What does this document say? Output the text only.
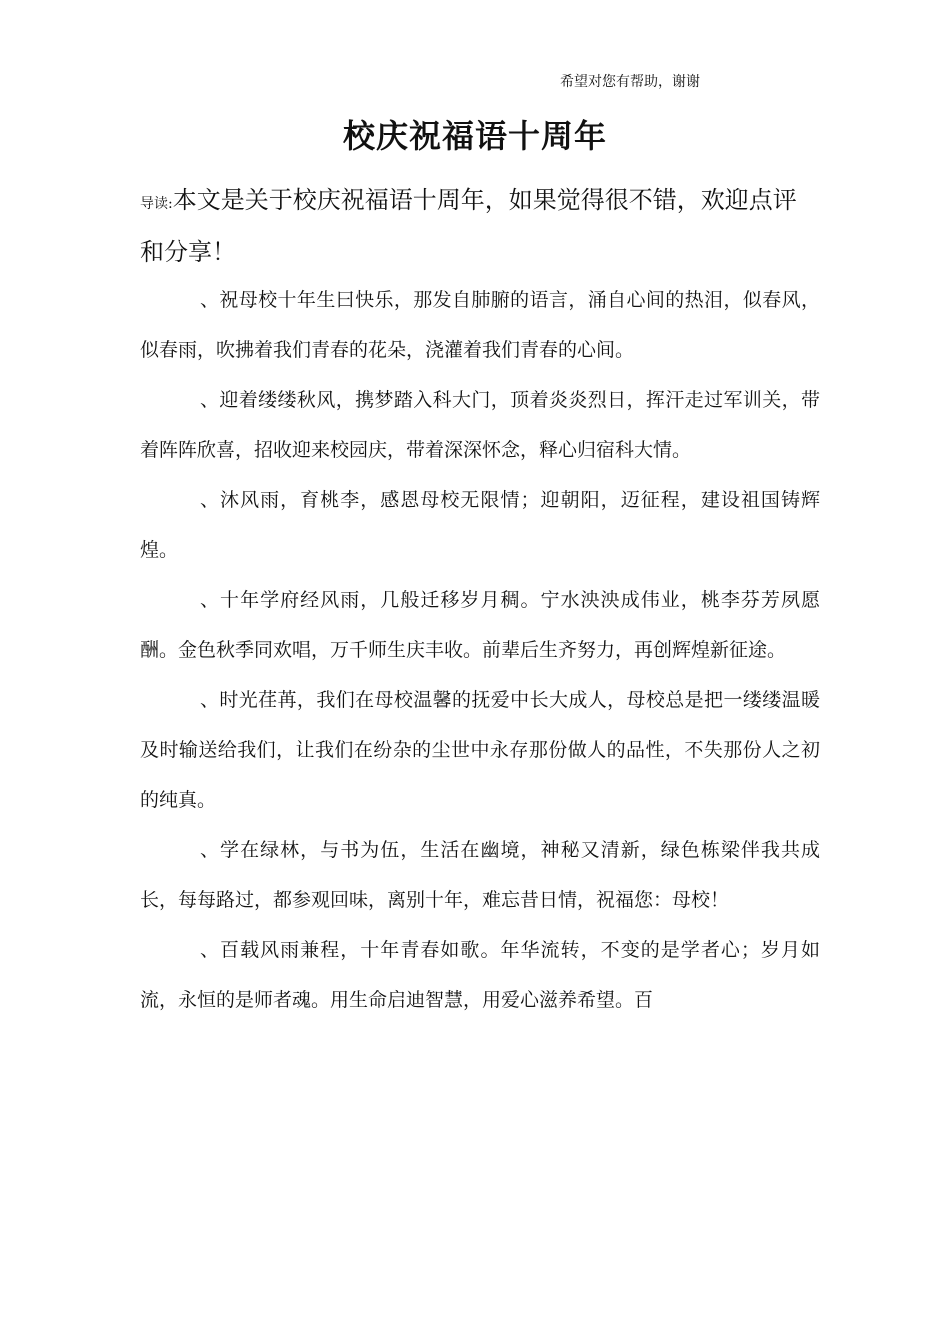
希望对您有帮助，谢谢
校庆祝福语十周年

导读:本文是关于校庆祝福语十周年，如果觉得很不错，欢迎点评和分享！

、祝母校十年生曰快乐，那发自肺腑的语言，涌自心间的热泪，似春风，似春雨，吹拂着我们青春的花朵，浇灌着我们青春的心间。

、迎着缕缕秋风，携梦踏入科大门，顶着炎炎烈日，挥汗走过军训关，带着阵阵欣喜，招收迎来校园庆，带着深深怀念，释心归宿科大情。

、沐风雨，育桃李，感恩母校无限情；迎朝阳，迈征程，建设祖国铸辉煌。

、十年学府经风雨，几般迁移岁月稠。宁水泱泱成伟业，桃李芬芳夙愿酬。金色秋季同欢唱，万千师生庆丰收。前辈后生齐努力，再创辉煌新征途。

、时光荏苒，我们在母校温馨的抚爱中长大成人，母校总是把一缕缕温暖及时输送给我们，让我们在纷杂的尘世中永存那份做人的品性，不失那份人之初的纯真。

、学在绿林，与书为伍，生活在幽境，神秘又清新，绿色栋梁伴我共成长，每每路过，都参观回味，离别十年，难忘昔日情，祝福您：母校！

、百载风雨兼程，十年青春如歌。年华流转，不变的是学者心；岁月如流，永恒的是师者魂。用生命启迪智慧，用爱心滋养希望。百
